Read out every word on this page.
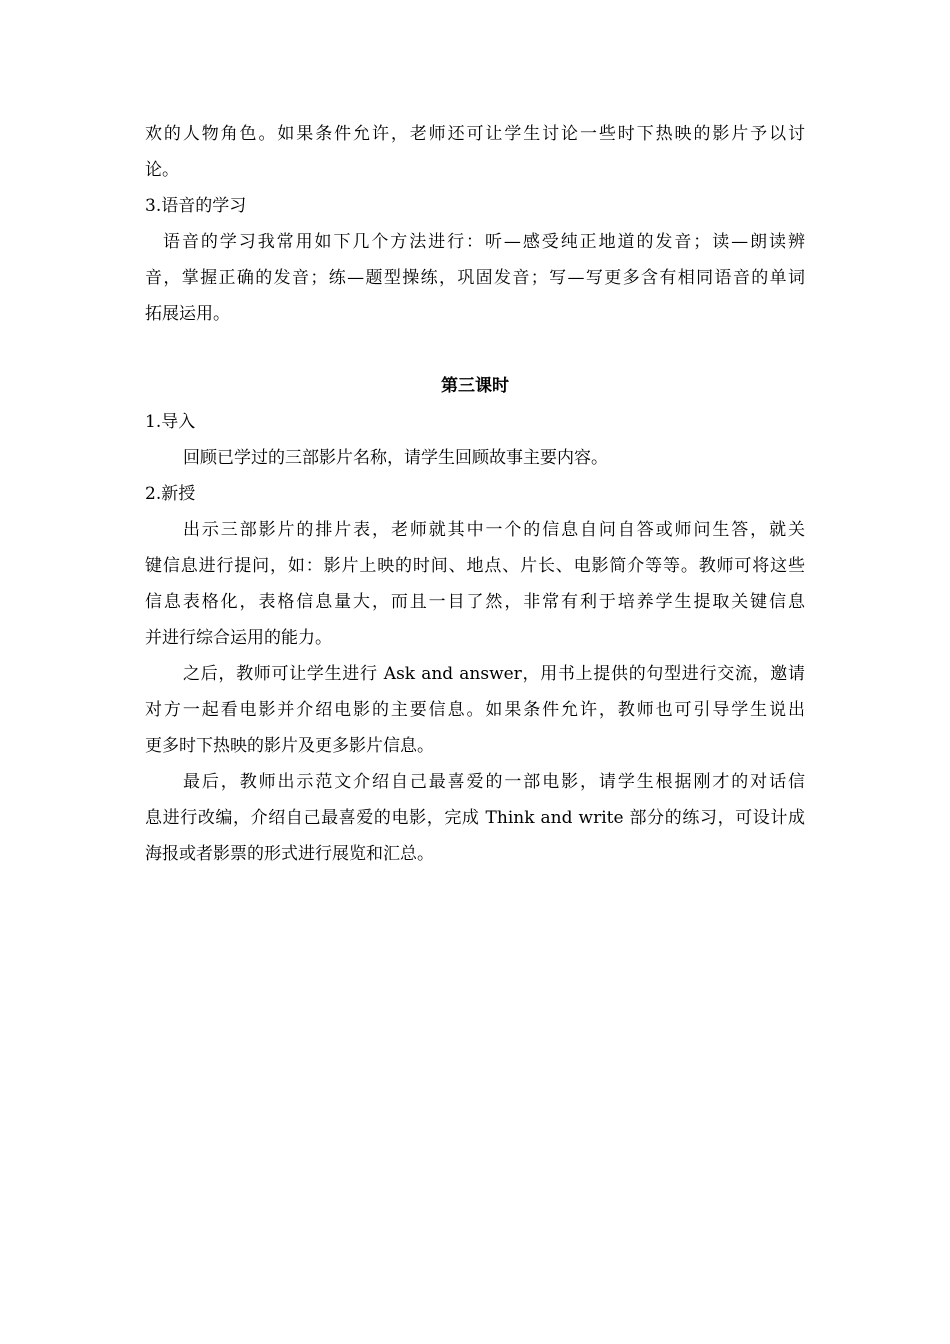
欢的人物角色。如果条件允许，老师还可让学生讨论一些时下热映的影片予以讨
论。
3.语音的学习
语音的学习我常用如下几个方法进行：听—感受纯正地道的发音；读—朗读辨
音，掌握正确的发音；练—题型操练，巩固发音；写—写更多含有相同语音的单词
拓展运用。
第三课时
1.导入
回顾已学过的三部影片名称，请学生回顾故事主要内容。
2.新授
出示三部影片的排片表，老师就其中一个的信息自问自答或师问生答，就关
键信息进行提问，如：影片上映的时间、地点、片长、电影简介等等。教师可将这些
信息表格化，表格信息量大，而且一目了然，非常有利于培养学生提取关键信息
并进行综合运用的能力。
之后，教师可让学生进行 Ask and answer，用书上提供的句型进行交流，邀请
对方一起看电影并介绍电影的主要信息。如果条件允许，教师也可引导学生说出
更多时下热映的影片及更多影片信息。
最后，教师出示范文介绍自己最喜爱的一部电影，请学生根据刚才的对话信
息进行改编，介绍自己最喜爱的电影，完成 Think and write 部分的练习，可设计成
海报或者影票的形式进行展览和汇总。
